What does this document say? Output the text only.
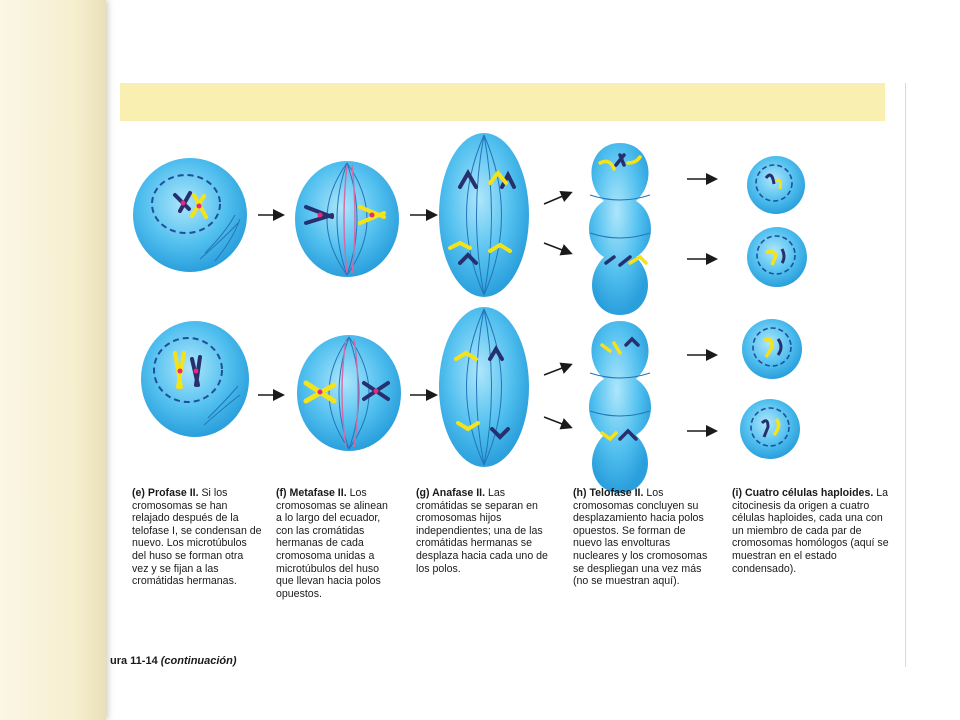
(e) Profase II. Si los cromosomas se han relajado después de la telofase I, se condensan de nuevo. Los microtúbulos del huso se forman otra vez y se fijan a las cromátidas hermanas.
(f) Metafase II. Los cromosomas se alinean a lo largo del ecuador, con las cromátidas hermanas de cada cromosoma unidas a microtúbulos del huso que llevan hacia polos opuestos.
(g) Anafase II. Las cromátidas se separan en cromosomas hijos independientes; una de las cromátidas hermanas se desplaza hacia cada uno de los polos.
(h) Telofase II. Los cromosomas concluyen su desplazamiento hacia polos opuestos. Se forman de nuevo las envolturas nucleares y los cromosomas se despliegan una vez más (no se muestran aquí).
(i) Cuatro células haploides. La citocinesis da origen a cuatro células haploides, cada una con un miembro de cada par de cromosomas homólogos (aquí se muestran en el estado condensado).
ura 11-14 (continuación)
